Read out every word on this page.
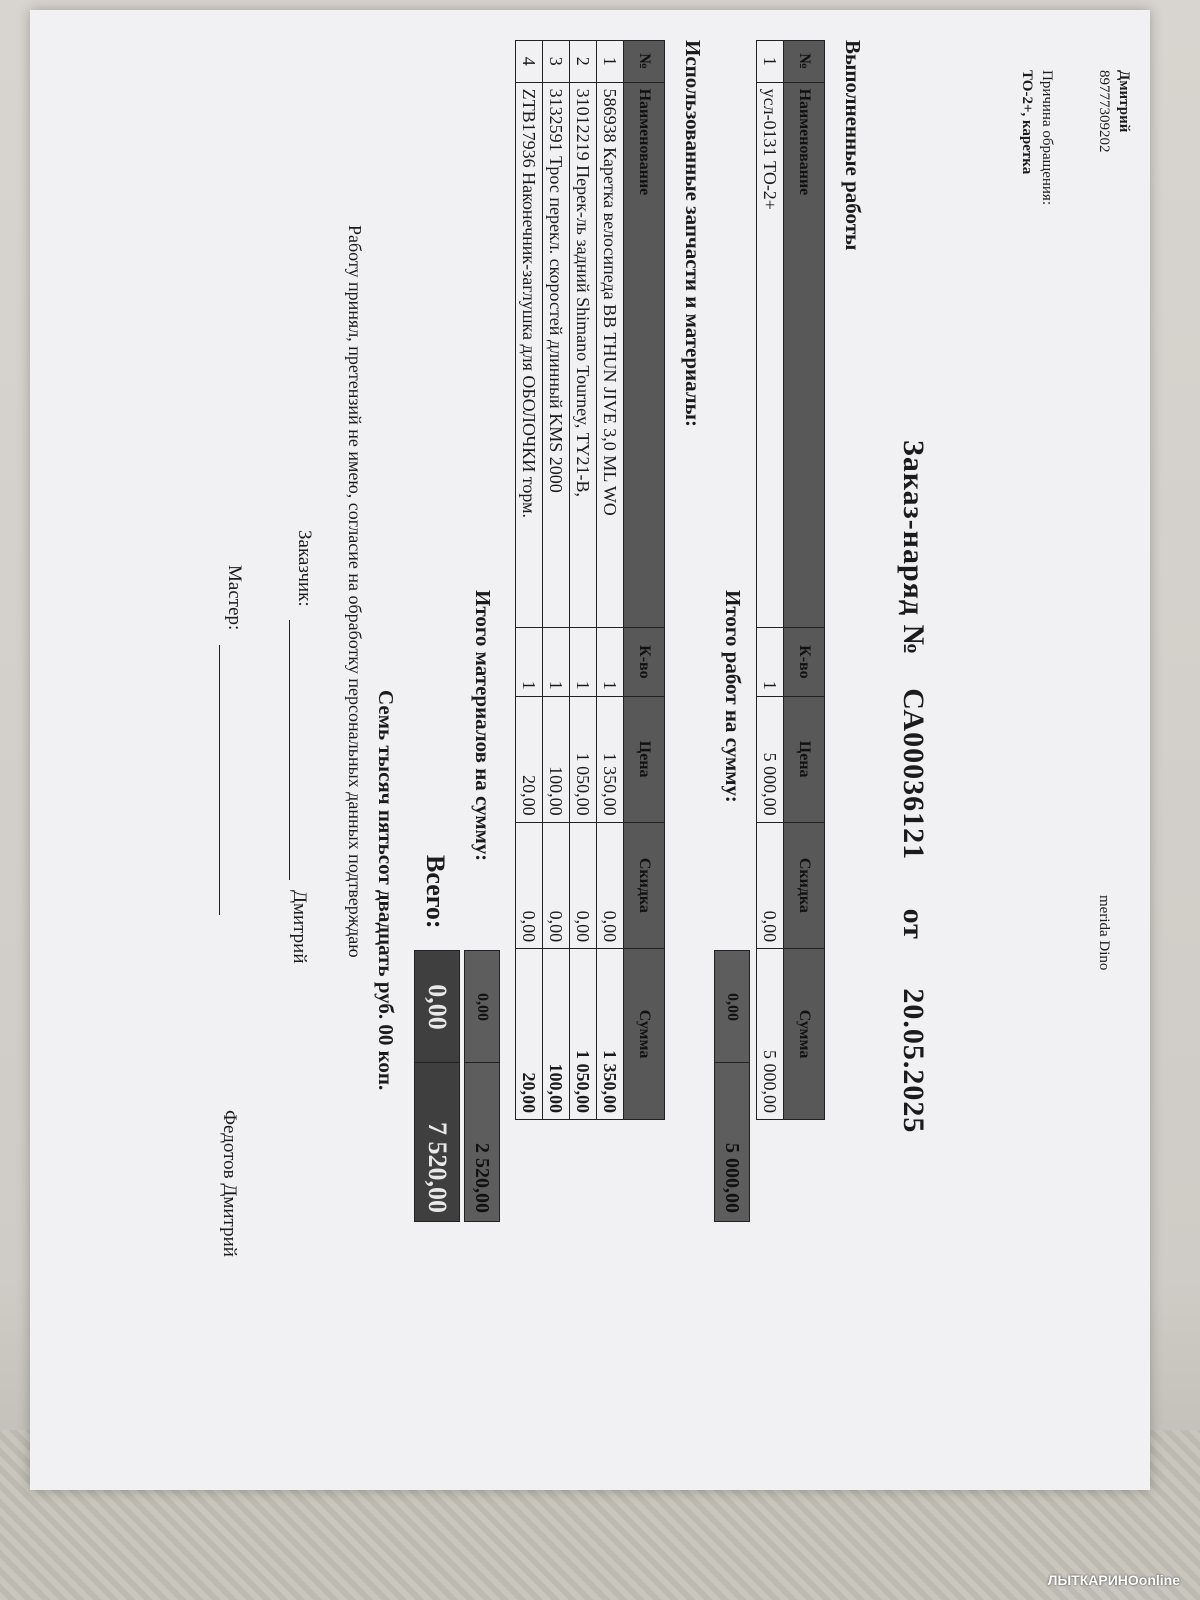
Дмитрий
89777309202
merida Dino
Причина обращения:
ТО-2+, каретка
Заказ-наряд № СА00036121 от 20.05.2025
Выполненные работы
№	Наименование	К-во	Цена	Скидка	Сумма
1	усл-0131 ТО-2+	1	5 000,00	0,00	5 000,00
Итого работ на сумму:
0,00
5 000,00
Использованные запчасти и материалы:
№	Наименование	К-во	Цена	Скидка	Сумма
1	586938 Каретка велосипеда BB THUN JIVE 3,0 ML WO	1	1 350,00	0,00	1 350,00
2	31012219 Перек-ль задний Shimano Tourney, TY21-B,	1	1 050,00	0,00	1 050,00
3	3132591 Трос перекл. скоростей длинный KMS 2000	1	100,00	0,00	100,00
4	ZTB17936 Наконечник-заглушка для ОБОЛОЧКИ торм.	1	20,00	0,00	20,00
Итого материалов на сумму:
0,00
2 520,00
Всего:
0,00
7 520,00
Семь тысяч пятьсот двадцать руб. 00 коп.
Работу принял, претензий не имею, согласие на обработку персональных данных подтверждаю
Заказчик:
Дмитрий
Мастер:
Федотов Дмитрий
ЛЫТКАРИНОonline
